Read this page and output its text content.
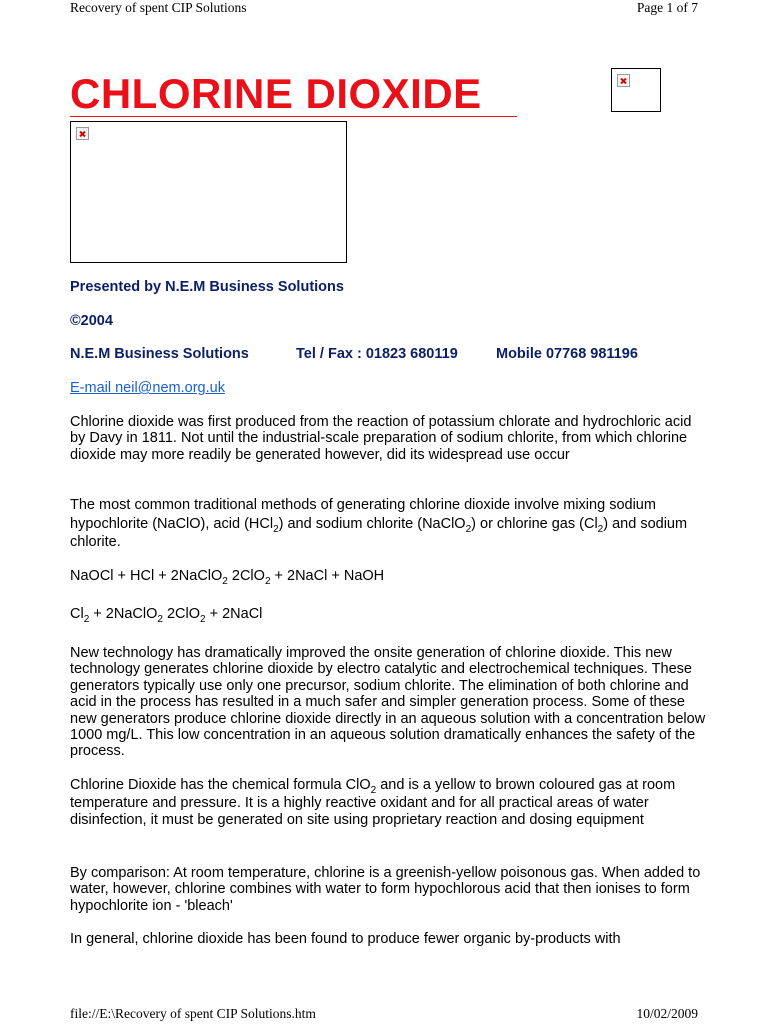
Recovery of spent CIP Solutions	Page 1 of 7
CHLORINE DIOXIDE
Presented by N.E.M Business Solutions
©2004
N.E.M Business Solutions	Tel / Fax : 01823 680119	Mobile 07768 981196
E-mail neil@nem.org.uk

Chlorine dioxide was first produced from the reaction of potassium chlorate and hydrochloric acid by Davy in 1811. Not until the industrial-scale preparation of sodium chlorite, from which chlorine dioxide may more readily be generated however, did its widespread use occur

The most common traditional methods of generating chlorine dioxide involve mixing sodium hypochlorite (NaClO), acid (HCl$_2$) and sodium chlorite (NaClO$_2$) or chlorine gas $(Cl_2)$ and sodium chlorite.

NaOCl + HCl + 2NaClO$_2$ 2ClO$_2$ + 2NaCl + NaOH
$Cl_2$ + 2NaClO$_2$ 2ClO$_2$ + 2NaCl

New technology has dramatically improved the onsite generation of chlorine dioxide. This new technology generates chlorine dioxide by electro catalytic and electrochemical techniques. These generators typically use only one precursor, sodium chlorite. The elimination of both chlorine and acid in the process has resulted in a much safer and simpler generation process. Some of these new generators produce chlorine dioxide directly in an aqueous solution with a concentration below 1000 mg/L. This low concentration in an aqueous solution dramatically enhances the safety of the process.

Chlorine Dioxide has the chemical formula ClO$_2$ and is a yellow to brown coloured gas at room temperature and pressure. It is a highly reactive oxidant and for all practical areas of water disinfection, it must be generated on site using proprietary reaction and dosing equipment

By comparison: At room temperature, chlorine is a greenish-yellow poisonous gas. When added to water, however, chlorine combines with water to form hypochlorous acid that then ionises to form hypochlorite ion - 'bleach'

In general, chlorine dioxide has been found to produce fewer organic by-products with

file://E:\Recovery of spent CIP Solutions.htm	10/02/2009
